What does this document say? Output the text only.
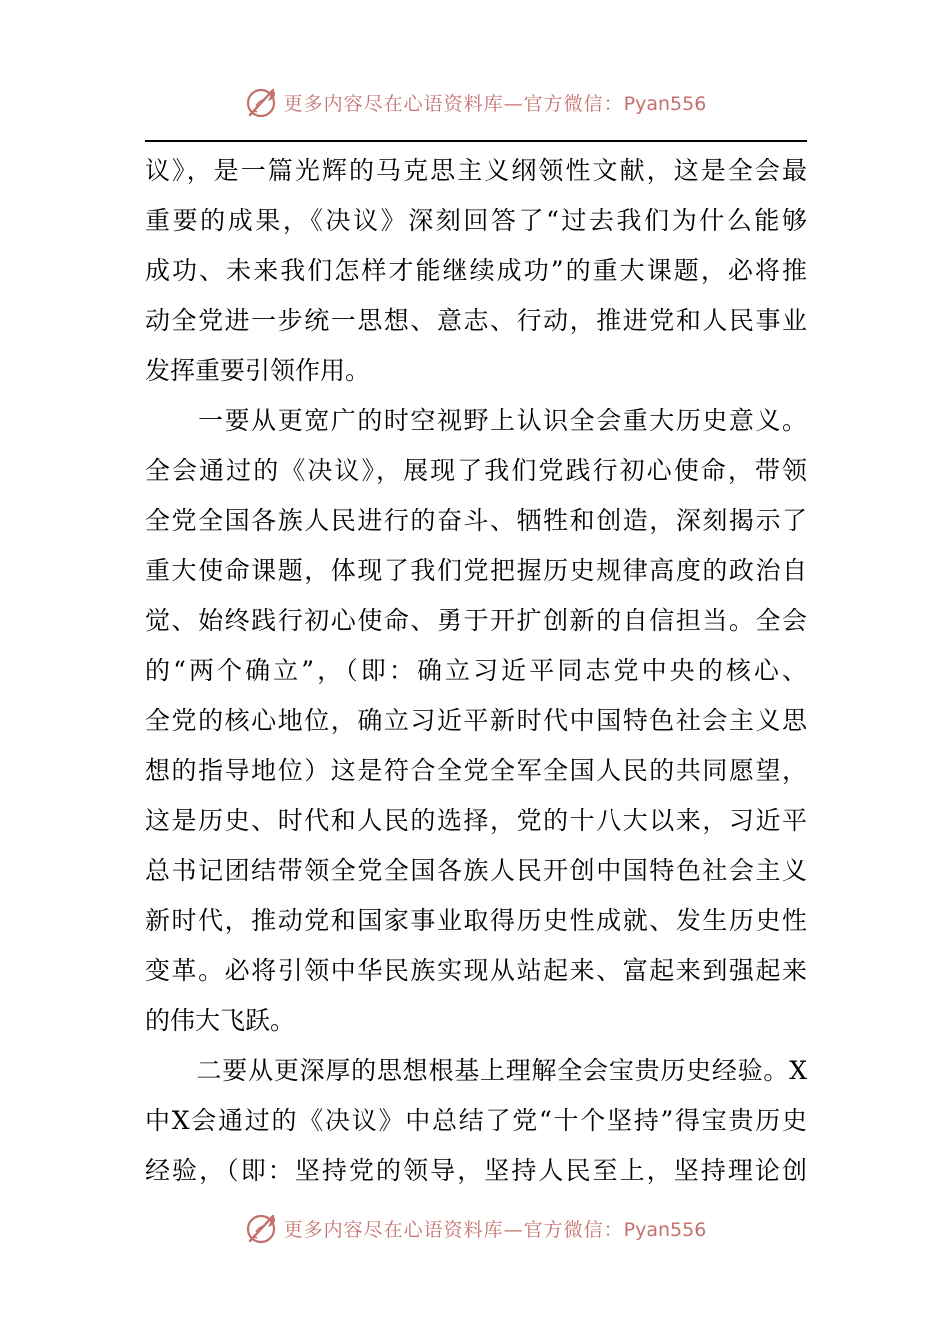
更多内容尽在心语资料库—官方微信：Pyan556
议》，是一篇光辉的马克思主义纲领性文献，这是全会最
重要的成果，《决议》深刻回答了“过去我们为什么能够
成功、未来我们怎样才能继续成功”的重大课题，必将推
动全党进一步统一思想、意志、行动，推进党和人民事业
发挥重要引领作用。
　　一要从更宽广的时空视野上认识全会重大历史意义。
全会通过的《决议》，展现了我们党践行初心使命，带领
全党全国各族人民进行的奋斗、牺牲和创造，深刻揭示了
重大使命课题，体现了我们党把握历史规律高度的政治自
觉、始终践行初心使命、勇于开扩创新的自信担当。全会
的“两个确立”，（即：确立习近平同志党中央的核心、
全党的核心地位，确立习近平新时代中国特色社会主义思
想的指导地位）这是符合全党全军全国人民的共同愿望，
这是历史、时代和人民的选择，党的十八大以来，习近平
总书记团结带领全党全国各族人民开创中国特色社会主义
新时代，推动党和国家事业取得历史性成就、发生历史性
变革。必将引领中华民族实现从站起来、富起来到强起来
的伟大飞跃。
　　二要从更深厚的思想根基上理解全会宝贵历史经验。X
中X会通过的《决议》中总结了党“十个坚持”得宝贵历史
经验，（即：坚持党的领导，坚持人民至上，坚持理论创
更多内容尽在心语资料库—官方微信：Pyan556
